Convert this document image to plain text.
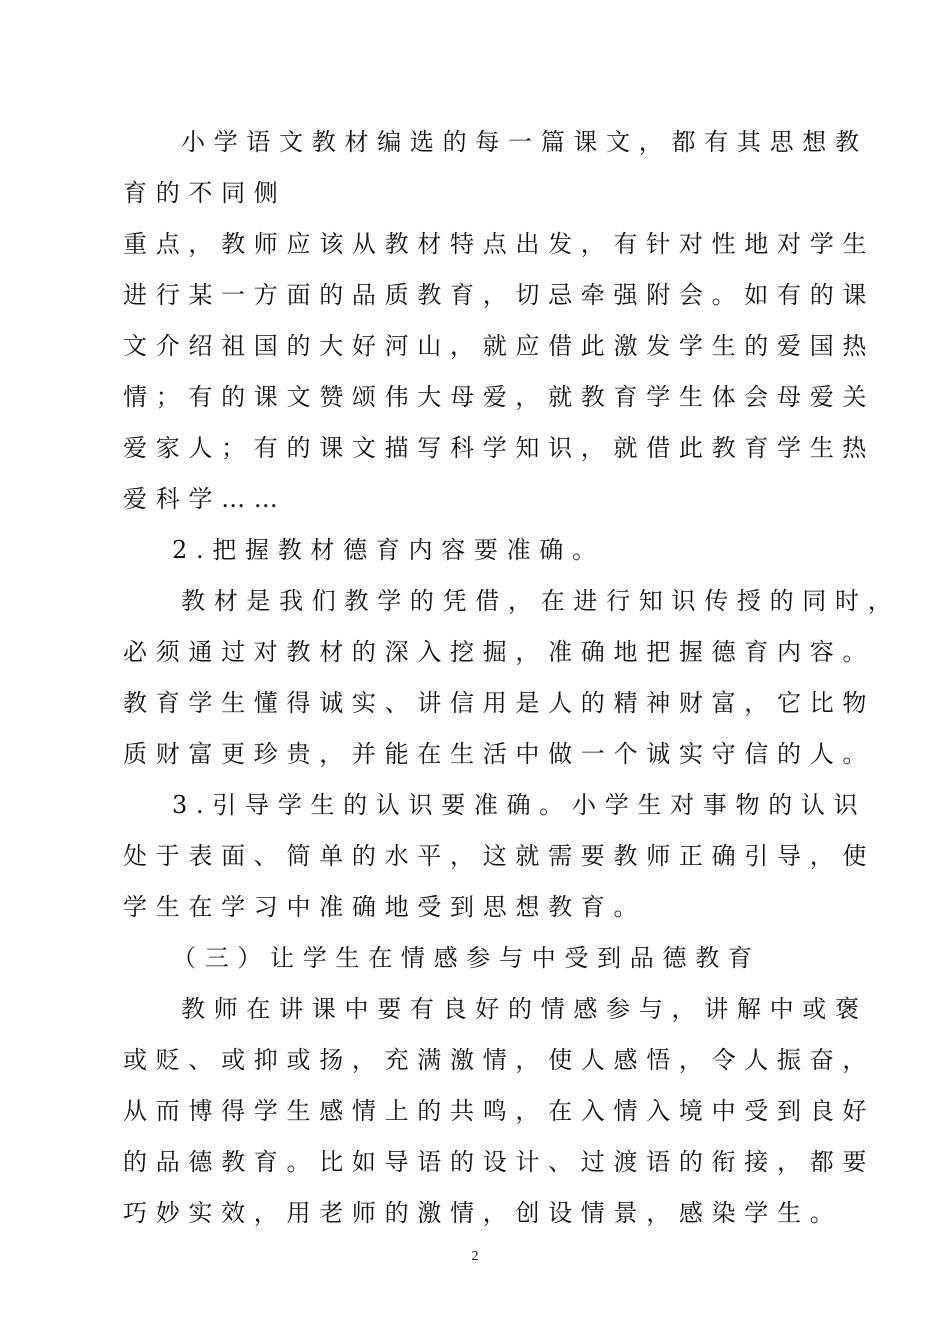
小学语文教材编选的每一篇课文，都有其思想教
育的不同侧
重点，教师应该从教材特点出发，有针对性地对学生
进行某一方面的品质教育，切忌牵强附会。如有的课
文介绍祖国的大好河山，就应借此激发学生的爱国热
情；有的课文赞颂伟大母爱，就教育学生体会母爱关
爱家人；有的课文描写科学知识，就借此教育学生热
爱科学……
2.把握教材德育内容要准确。
教材是我们教学的凭借，在进行知识传授的同时，
必须通过对教材的深入挖掘，准确地把握德育内容。
教育学生懂得诚实、讲信用是人的精神财富，它比物
质财富更珍贵，并能在生活中做一个诚实守信的人。
3.引导学生的认识要准确。小学生对事物的认识
处于表面、简单的水平，这就需要教师正确引导，使
学生在学习中准确地受到思想教育。
（三）让学生在情感参与中受到品德教育
教师在讲课中要有良好的情感参与，讲解中或褒
或贬、或抑或扬，充满激情，使人感悟，令人振奋，
从而博得学生感情上的共鸣，在入情入境中受到良好
的品德教育。比如导语的设计、过渡语的衔接，都要
巧妙实效，用老师的激情，创设情景，感染学生。
2
